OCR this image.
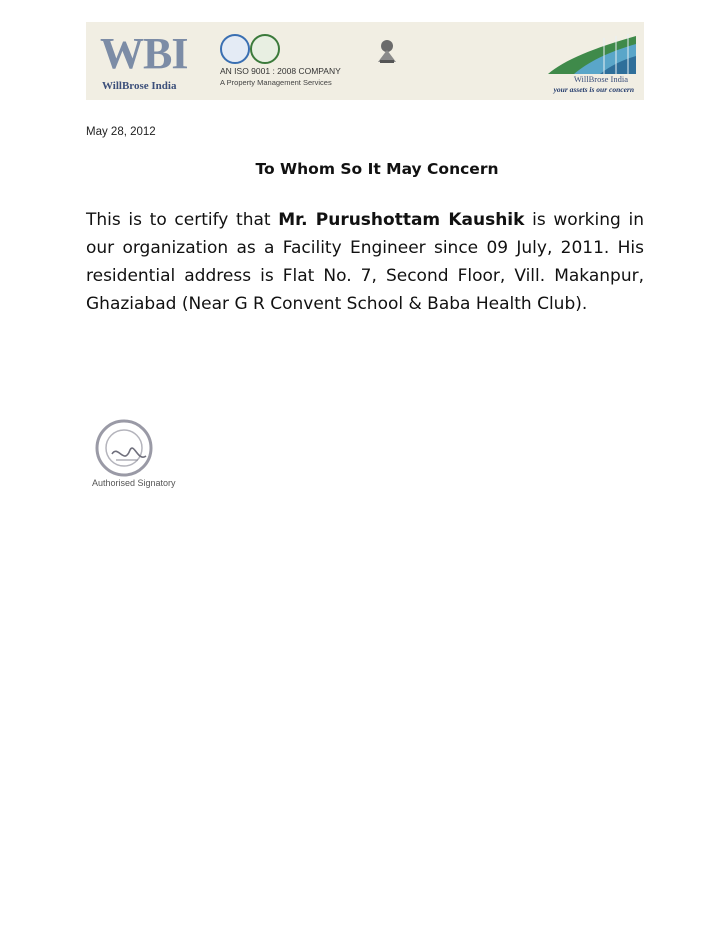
WBI
WillBrose India
AN ISO 9001 : 2008 COMPANY
A Property Management Services	WillBrose India
your assets is our concern
May 28, 2012
To Whom So It May Concern
This is to certify that Mr. Purushottam Kaushik is working in our organization as a Facility Engineer since 09 July, 2011. His residential address is Flat No. 7, Second Floor, Vill. Makanpur, Ghaziabad (Near G R Convent School & Baba Health Club).
Authorised Signatory
